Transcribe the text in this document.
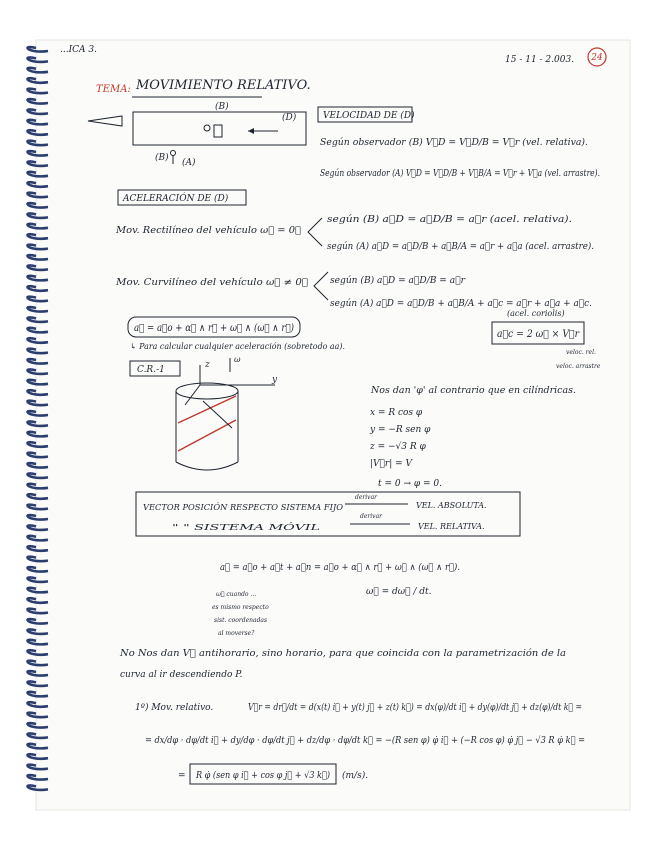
...ICA 3.
15 - 11 - 2.003. 24
TEMA: MOVIMIENTO RELATIVO.
(B)
(D)
(B) (A)
VELOCIDAD DE (D)
Según observador (B) V⃗D = V⃗D/B = V⃗r (vel. relativa).
Según observador (A) V⃗D = V⃗D/B + V⃗B/A = V⃗r + V⃗a (vel. arrastre).
ACELERACIÓN DE (D)
Mov. Rectilíneo del vehículo ω⃗ = 0⃗
según (B) a⃗D = a⃗D/B = a⃗r (acel. relativa).
según (A) a⃗D = a⃗D/B + a⃗B/A = a⃗r + a⃗a (acel. arrastre).
Mov. Curvilíneo del vehículo ω⃗ ≠ 0⃗	según (B) a⃗D = a⃗D/B = a⃗r
según (A) a⃗D = a⃗D/B + a⃗B/A + a⃗c = a⃗r + a⃗a + a⃗c.
(acel. coriolis)
a⃗ = a⃗o + α⃗ ∧ r⃗ + ω⃗ ∧ (ω⃗ ∧ r⃗)
↳ Para calcular cualquier aceleración (sobretodo aa).
a⃗c = 2 ω⃗ × V⃗r
veloc. rel.
veloc. arrastre
C.R.-1
y
z
ω
Nos dan 'φ' al contrario que en cilíndricas.
x = R cos φ
y = −R sen φ
z = −√3 R φ
|V⃗r| = V
t = 0 → φ = 0.
VECTOR POSICIÓN RESPECTO SISTEMA FIJO
derivar
VEL. ABSOLUTA.
" " SISTEMA MÓVIL
derivar
VEL. RELATIVA.
a⃗ = a⃗o + a⃗t + a⃗n = a⃗o + α⃗ ∧ r⃗ + ω⃗ ∧ (ω⃗ ∧ r⃗).
ω⃗ = dω⃗ / dt.
ω⃗ cuando ...
es mismo respecto
sist. coordenadas
al moverse?
No Nos dan V⃗ antihorario, sino horario, para que coincida con la parametrización de la
curva al ir descendiendo P.
1º) Mov. relativo.	V⃗r = dr⃗/dt = d(x(t) i⃗ + y(t) j⃗ + z(t) k⃗) = dx(φ)/dt i⃗ + dy(φ)/dt j⃗ + dz(φ)/dt k⃗ =
= dx/dφ · dφ/dt i⃗ + dy/dφ · dφ/dt j⃗ + dz/dφ · dφ/dt k⃗ = −(R sen φ) φ̇ i⃗ + (−R cos φ) φ̇ j⃗ − √3 R φ̇ k⃗ =
= R φ̇ (sen φ i⃗ + cos φ j⃗ + √3 k⃗)
(m/s).
